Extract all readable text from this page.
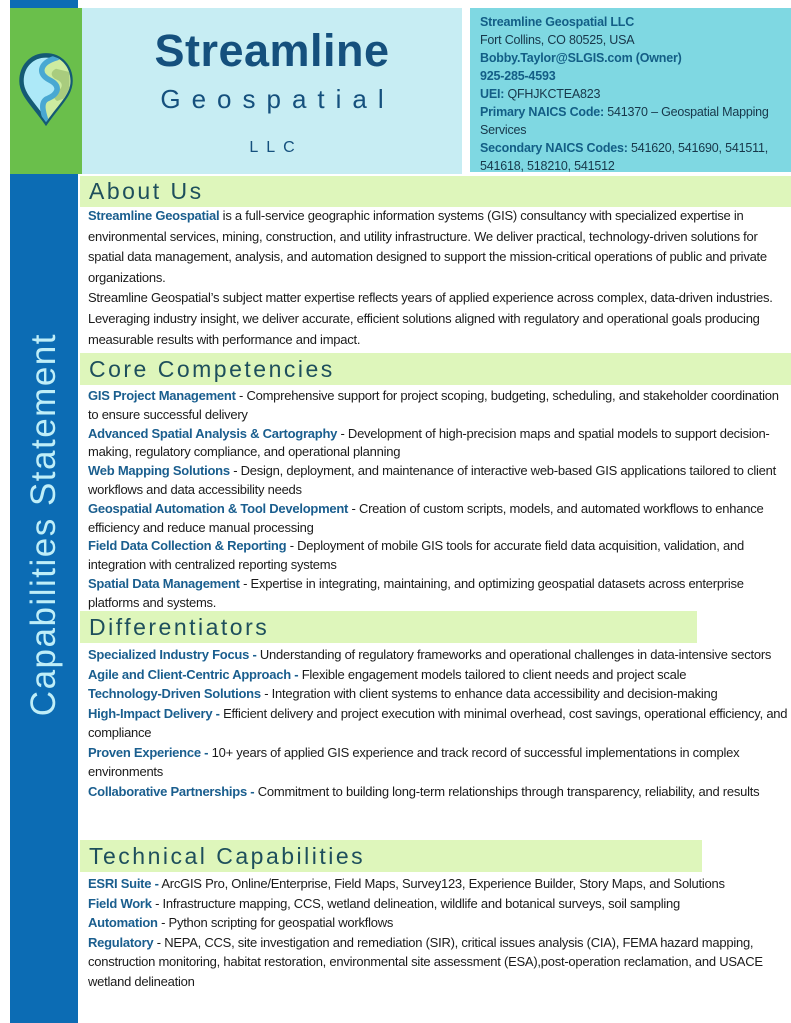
Capabilities Statement
Streamline
Geospatial
LLC
Streamline Geospatial LLC
Fort Collins, CO 80525, USA
Bobby.Taylor@SLGIS.com (Owner)
925-285-4593
UEI: QFHJKCTEA823
Primary NAICS Code: 541370 – Geospatial Mapping Services
Secondary NAICS Codes: 541620, 541690, 541511, 541618, 518210, 541512
About Us
Core Competencies
Differentiators
Technical Capabilities

Streamline Geospatial is a full-service geographic information systems (GIS) consultancy with specialized expertise in environmental services, mining, construction, and utility infrastructure. We deliver practical, technology-driven solutions for spatial data management, analysis, and automation designed to support the mission-critical operations of public and private organizations.

Streamline Geospatial’s subject matter expertise reflects years of applied experience across complex, data-driven industries. Leveraging industry insight, we deliver accurate, efficient solutions aligned with regulatory and operational goals producing measurable results with performance and impact.

GIS Project Management - Comprehensive support for project scoping, budgeting, scheduling, and stakeholder coordination to ensure successful delivery

Advanced Spatial Analysis & Cartography - Development of high-precision maps and spatial models to support decision-making, regulatory compliance, and operational planning

Web Mapping Solutions - Design, deployment, and maintenance of interactive web-based GIS applications tailored to client workflows and data accessibility needs

Geospatial Automation & Tool Development - Creation of custom scripts, models, and automated workflows to enhance efficiency and reduce manual processing

Field Data Collection & Reporting - Deployment of mobile GIS tools for accurate field data acquisition, validation, and integration with centralized reporting systems

Spatial Data Management - Expertise in integrating, maintaining, and optimizing geospatial datasets across enterprise platforms and systems.

Specialized Industry Focus - Understanding of regulatory frameworks and operational challenges in data-intensive sectors

Agile and Client-Centric Approach - Flexible engagement models tailored to client needs and project scale

Technology-Driven Solutions - Integration with client systems to enhance data accessibility and decision-making

High-Impact Delivery - Efficient delivery and project execution with minimal overhead, cost savings, operational efficiency, and compliance

Proven Experience - 10+ years of applied GIS experience and track record of successful implementations in complex environments

Collaborative Partnerships - Commitment to building long-term relationships through transparency, reliability, and results

ESRI Suite - ArcGIS Pro, Online/Enterprise, Field Maps, Survey123, Experience Builder, Story Maps, and Solutions

Field Work - Infrastructure mapping, CCS, wetland delineation, wildlife and botanical surveys, soil sampling

Automation - Python scripting for geospatial workflows

Regulatory - NEPA, CCS, site investigation and remediation (SIR), critical issues analysis (CIA), FEMA hazard mapping, construction monitoring, habitat restoration, environmental site assessment (ESA),post-operation reclamation, and USACE wetland delineation
